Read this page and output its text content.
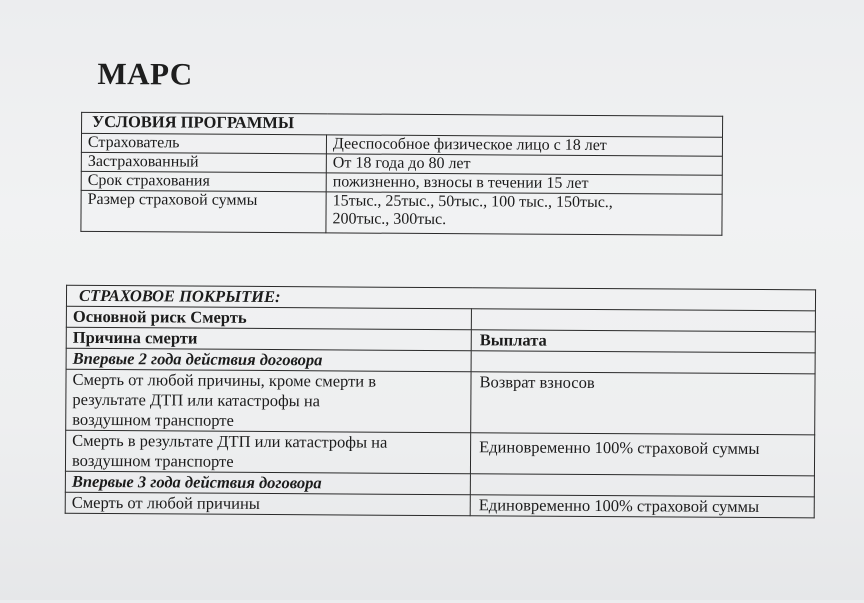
МАРС
УСЛОВИЯ ПРОГРАММЫ	
Страхователь	Дееспособное физическое лицо с 18 лет
Застрахованный	От 18 года до 80 лет
Срок страхования	пожизненно, взносы в течении 15 лет
Размер страховой суммы	15тыс., 25тыс., 50тыс., 100 тыс., 150тыс.,
200тыс., 300тыс.
СТРАХОВОЕ ПОКРЫТИЕ:	
Основной риск Смерть	
Причина смерти	Выплата
Впервые 2 года действия договора	
Смерть от любой причины, кроме смерти в
результате ДТП или катастрофы на
воздушном транспорте	Возврат взносов
Смерть в результате ДТП или катастрофы на
воздушном транспорте	Единовременно 100% страховой суммы
Впервые 3 года действия договора	
Смерть от любой причины	Единовременно 100% страховой суммы
